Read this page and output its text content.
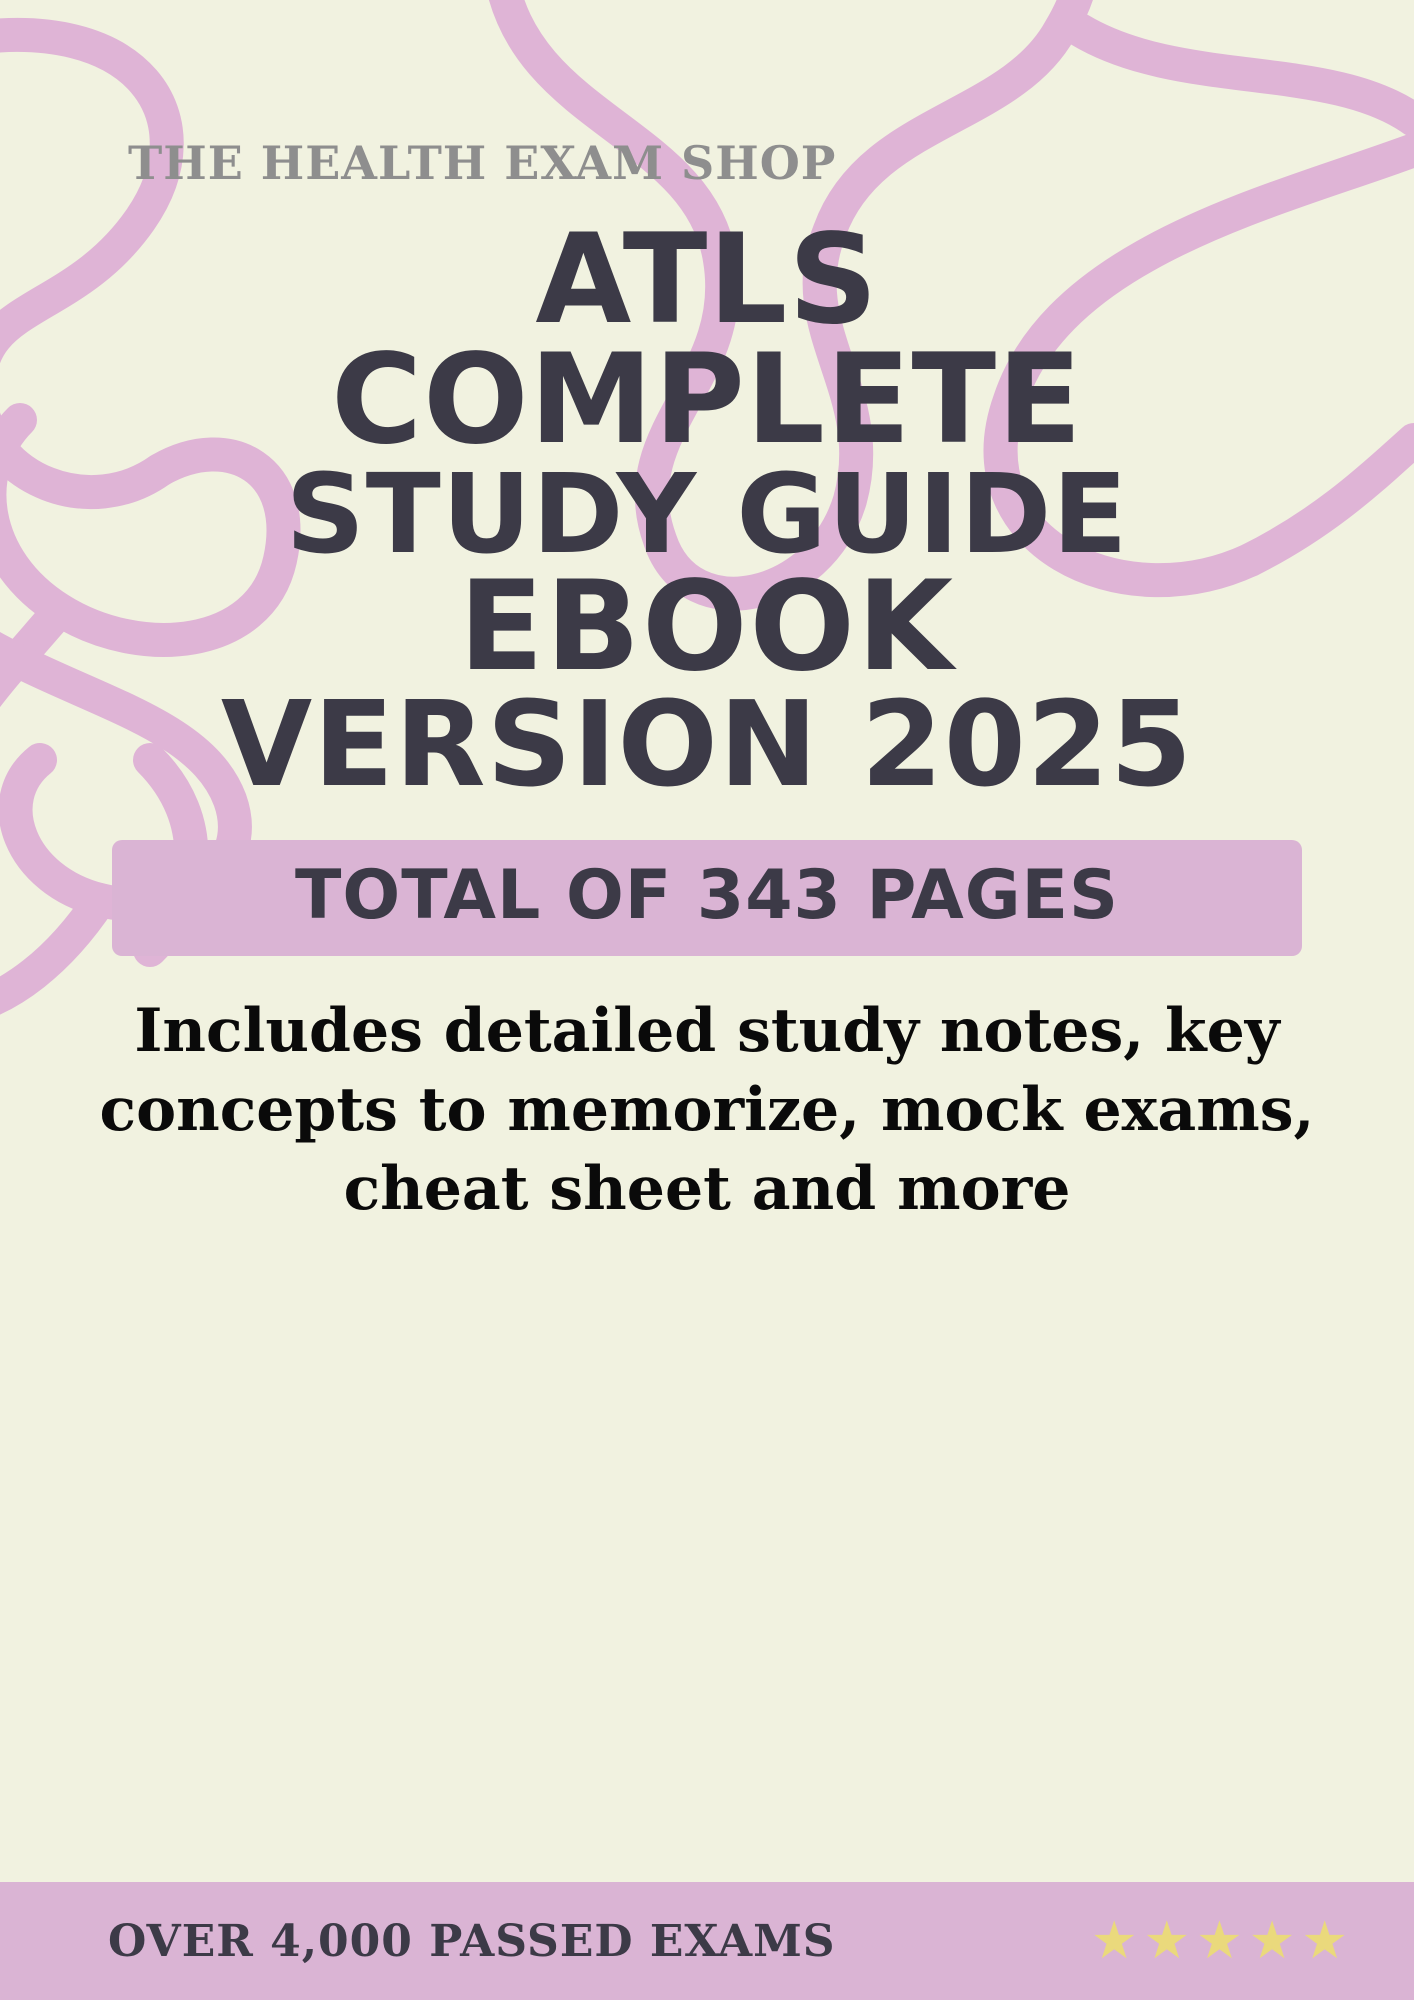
THE HEALTH EXAM SHOP
ATLS
COMPLETE
STUDY GUIDE
EBOOK
VERSION 2025
TOTAL OF 343 PAGES
Includes detailed study notes, key concepts to memorize, mock exams, cheat sheet and more
OVER 4,000 PASSED EXAMS	★★★★★
